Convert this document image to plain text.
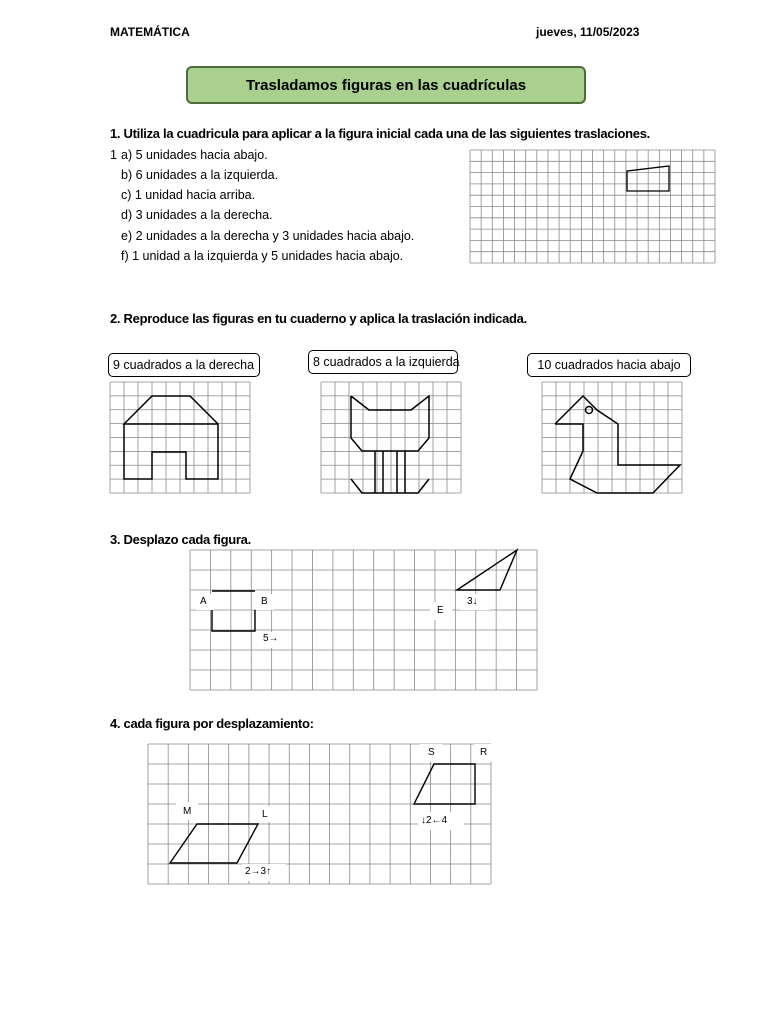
MATEMÁTICA	jueves, 11/05/2023
Trasladamos figuras en las cuadrículas
1. Utiliza la cuadricula para aplicar a la figura inicial cada una de las siguientes traslaciones.
1 a) 5 unidades hacia abajo.
b) 6 unidades a la izquierda.
c) 1 unidad hacia arriba.
d) 3 unidades a la derecha.
e) 2 unidades a la derecha y 3 unidades hacia abajo.
f) 1 unidad a la izquierda y 5 unidades hacia abajo.
2. Reproduce las figuras en tu cuaderno y aplica la traslación indicada.
9 cuadrados a la derecha	8 cuadrados a la izquierda	10 cuadrados hacia abajo
3. Desplazo cada figura.
A	B
E
3↓
5→
4. cada figura por desplazamiento:
M	L
S	R
↓2←4
2→3↑
